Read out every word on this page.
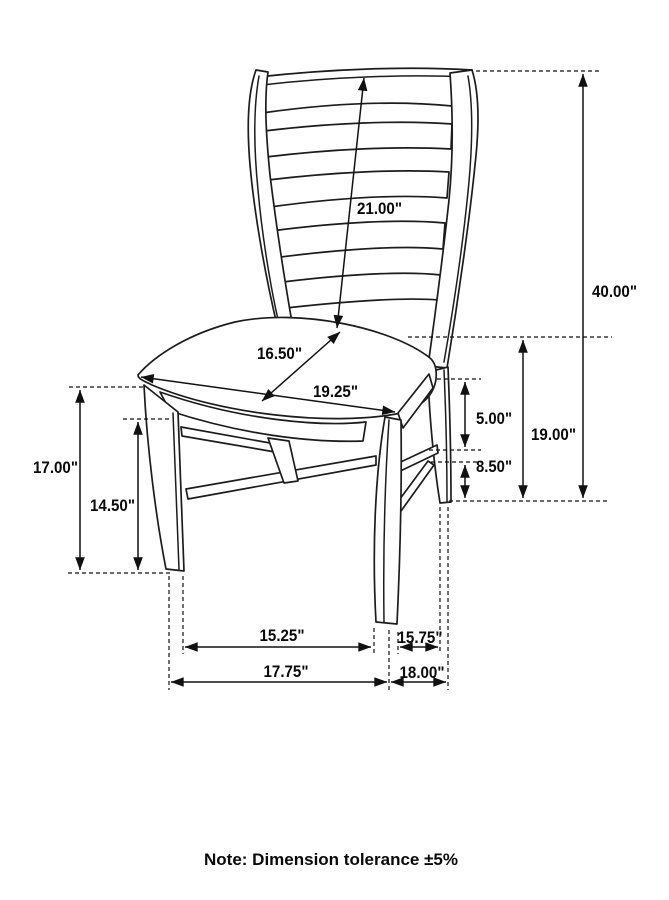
21.00"
40.00"
16.50"
19.25"
5.00"
19.00"
8.50"
17.00"
14.50"
15.25"	15.75"
17.75"	18.00"
Note: Dimension tolerance ±5%
